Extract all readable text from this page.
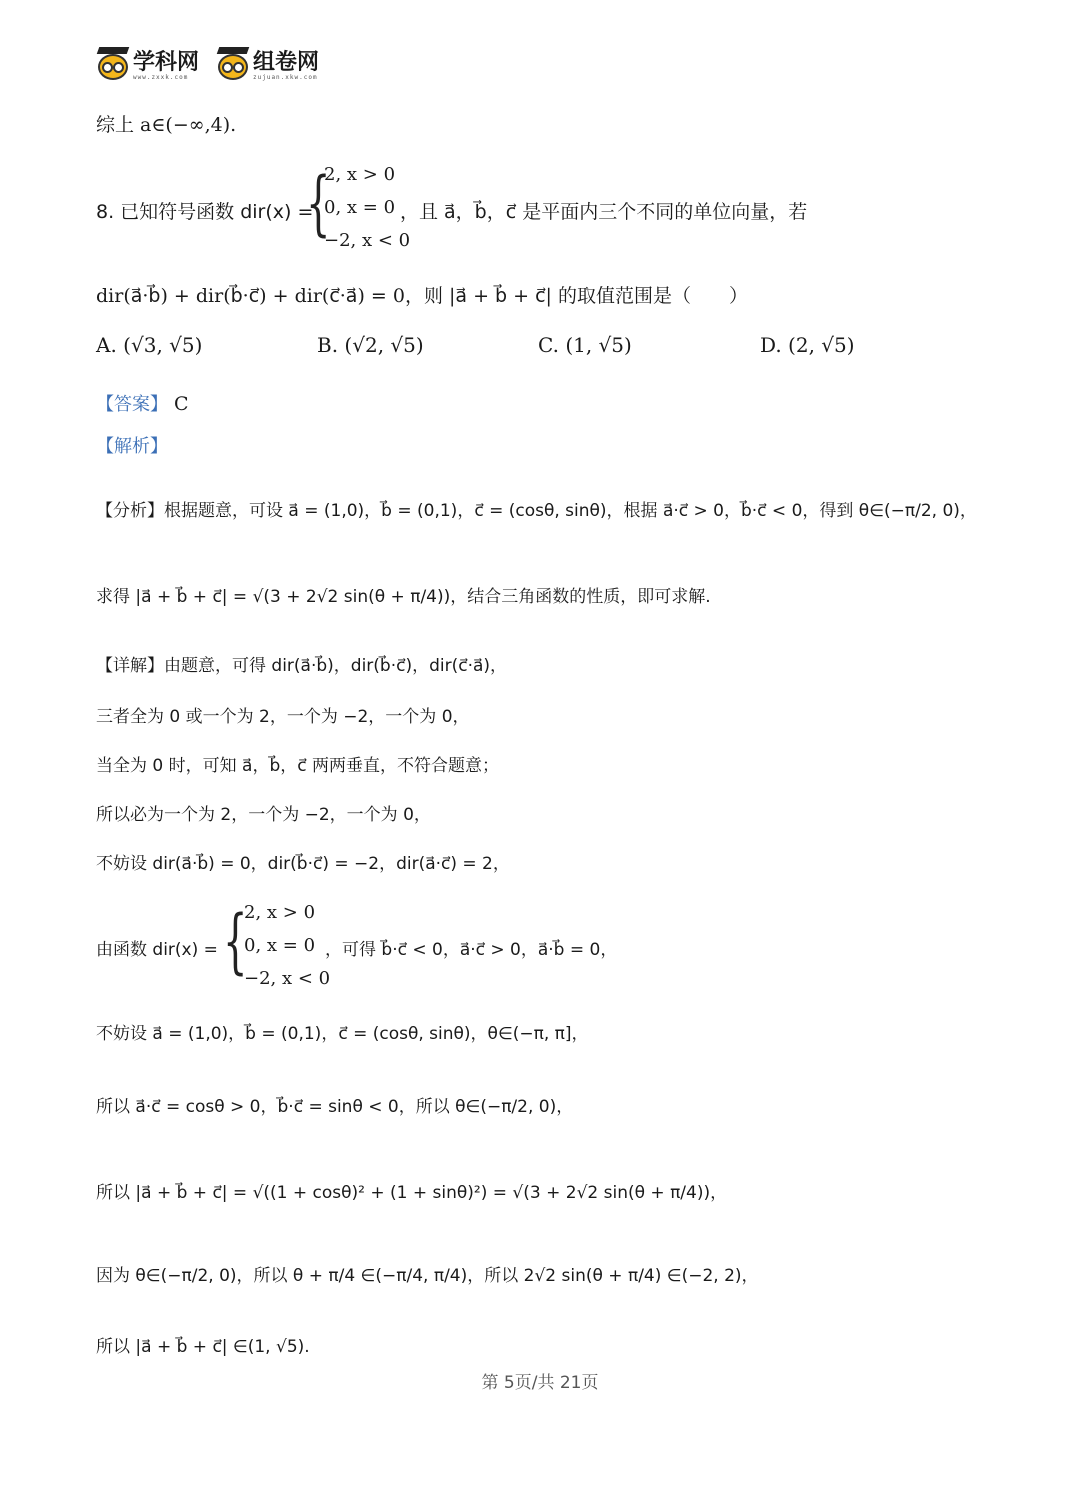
学科网
www.zxxk.com
组卷网
zujuan.xkw.com
综上 a∈(−∞,4).
8. 已知符号函数 dir(x) =
{
2, x > 0
0, x = 0
−2, x < 0
，且 a⃗，b⃗，c⃗ 是平面内三个不同的单位向量，若
dir(a⃗·b⃗) + dir(b⃗·c⃗) + dir(c⃗·a⃗) = 0，则 |a⃗ + b⃗ + c⃗| 的取值范围是（　　）
A. (√3, √5)	B. (√2, √5)	C. (1, √5)	D. (2, √5)
【答案】 C
【解析】
【分析】根据题意，可设 a⃗ = (1,0)，b⃗ = (0,1)，c⃗ = (cosθ, sinθ)，根据 a⃗·c⃗ > 0，b⃗·c⃗ < 0，得到 θ∈(−π/2, 0)，
求得 |a⃗ + b⃗ + c⃗| = √(3 + 2√2 sin(θ + π/4))，结合三角函数的性质，即可求解.
【详解】由题意，可得 dir(a⃗·b⃗)，dir(b⃗·c⃗)，dir(c⃗·a⃗)，
三者全为 0 或一个为 2，一个为 −2，一个为 0，
当全为 0 时，可知 a⃗，b⃗，c⃗ 两两垂直，不符合题意；
所以必为一个为 2，一个为 −2，一个为 0，
不妨设 dir(a⃗·b⃗) = 0，dir(b⃗·c⃗) = −2，dir(a⃗·c⃗) = 2，
由函数 dir(x) = {
2, x > 0
0, x = 0
−2, x < 0
，可得 b⃗·c⃗ < 0，a⃗·c⃗ > 0，a⃗·b⃗ = 0，
不妨设 a⃗ = (1,0)，b⃗ = (0,1)，c⃗ = (cosθ, sinθ)，θ∈(−π, π]，
所以 a⃗·c⃗ = cosθ > 0，b⃗·c⃗ = sinθ < 0，所以 θ∈(−π/2, 0)，
所以 |a⃗ + b⃗ + c⃗| = √((1 + cosθ)² + (1 + sinθ)²) = √(3 + 2√2 sin(θ + π/4))，
因为 θ∈(−π/2, 0)，所以 θ + π/4 ∈(−π/4, π/4)，所以 2√2 sin(θ + π/4) ∈(−2, 2)，
所以 |a⃗ + b⃗ + c⃗| ∈(1, √5).
第 5页/共 21页
